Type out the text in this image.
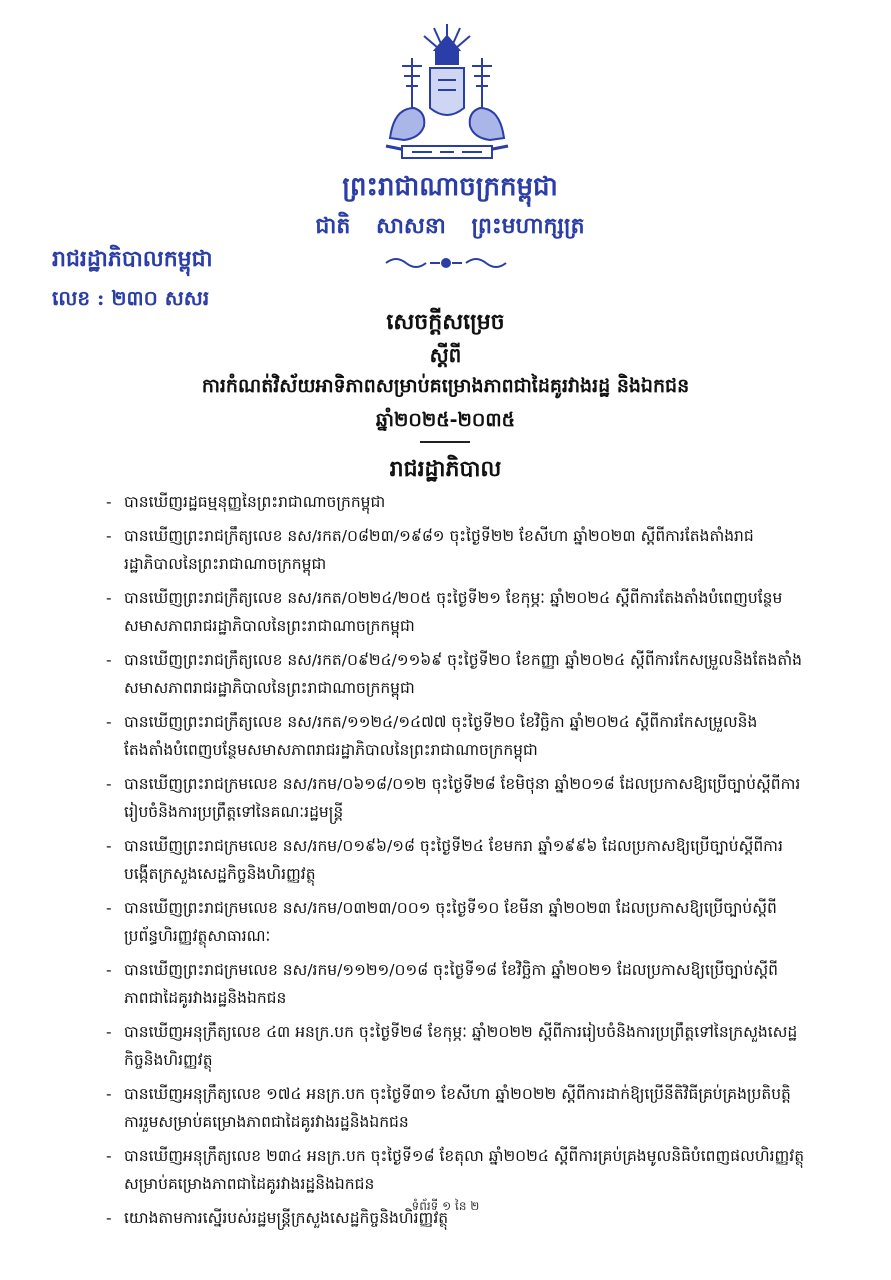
ព្រះរាជាណាចក្រកម្ពុជា
ជាតិ សាសនា ព្រះមហាក្សត្រ
រាជរដ្ឋាភិបាលកម្ពុជា
លេខ : ២៣០ សសរ
សេចក្តីសម្រេច
ស្តីពី
ការកំណត់វិស័យអាទិភាពសម្រាប់គម្រោងភាពជាដៃគូរវាងរដ្ឋ និងឯកជន
ឆ្នាំ២០២៥-២០៣៥
រាជរដ្ឋាភិបាល
- បានឃើញរដ្ឋធម្មនុញ្ញនៃព្រះរាជាណាចក្រកម្ពុជា
- បានឃើញព្រះរាជក្រឹត្យលេខ នស/រកត/០៨២៣/១៩៨១ ចុះថ្ងៃទី២២ ខែសីហា ឆ្នាំ២០២៣ ស្តីពីការតែងតាំងរាជរដ្ឋាភិបាលនៃព្រះរាជាណាចក្រកម្ពុជា
- បានឃើញព្រះរាជក្រឹត្យលេខ នស/រកត/០២២៤/២០៥ ចុះថ្ងៃទី២១ ខែកុម្ភៈ ឆ្នាំ២០២៤ ស្តីពីការតែងតាំងបំពេញបន្ថែមសមាសភាពរាជរដ្ឋាភិបាលនៃព្រះរាជាណាចក្រកម្ពុជា
- បានឃើញព្រះរាជក្រឹត្យលេខ នស/រកត/០៩២៤/១១៦៩ ចុះថ្ងៃទី២០ ខែកញ្ញា ឆ្នាំ២០២៤ ស្តីពីការកែសម្រួលនិងតែងតាំងសមាសភាពរាជរដ្ឋាភិបាលនៃព្រះរាជាណាចក្រកម្ពុជា
- បានឃើញព្រះរាជក្រឹត្យលេខ នស/រកត/១១២៤/១៤៧៧ ចុះថ្ងៃទី២០ ខែវិច្ឆិកា ឆ្នាំ២០២៤ ស្តីពីការកែសម្រួលនិងតែងតាំងបំពេញបន្ថែមសមាសភាពរាជរដ្ឋាភិបាលនៃព្រះរាជាណាចក្រកម្ពុជា
- បានឃើញព្រះរាជក្រមលេខ នស/រកម/០៦១៨/០១២ ចុះថ្ងៃទី២៨ ខែមិថុនា ឆ្នាំ២០១៨ ដែលប្រកាសឱ្យប្រើច្បាប់ស្តីពីការរៀបចំនិងការប្រព្រឹត្តទៅនៃគណៈរដ្ឋមន្ត្រី
- បានឃើញព្រះរាជក្រមលេខ នស/រកម/០១៩៦/១៨ ចុះថ្ងៃទី២៤ ខែមករា ឆ្នាំ១៩៩៦ ដែលប្រកាសឱ្យប្រើច្បាប់ស្តីពីការបង្កើតក្រសួងសេដ្ឋកិច្ចនិងហិរញ្ញវត្ថុ
- បានឃើញព្រះរាជក្រមលេខ នស/រកម/០៣២៣/០០១ ចុះថ្ងៃទី១០ ខែមីនា ឆ្នាំ២០២៣ ដែលប្រកាសឱ្យប្រើច្បាប់ស្តីពីប្រព័ន្ធហិរញ្ញវត្ថុសាធារណៈ
- បានឃើញព្រះរាជក្រមលេខ នស/រកម/១១២១/០១៨ ចុះថ្ងៃទី១៨ ខែវិច្ឆិកា ឆ្នាំ២០២១ ដែលប្រកាសឱ្យប្រើច្បាប់ស្តីពីភាពជាដៃគូរវាងរដ្ឋនិងឯកជន
- បានឃើញអនុក្រឹត្យលេខ ៤៣ អនក្រ.បក ចុះថ្ងៃទី២៨ ខែកុម្ភៈ ឆ្នាំ២០២២ ស្តីពីការរៀបចំនិងការប្រព្រឹត្តទៅនៃក្រសួងសេដ្ឋកិច្ចនិងហិរញ្ញវត្ថុ
- បានឃើញអនុក្រឹត្យលេខ ១៧៤ អនក្រ.បក ចុះថ្ងៃទី៣១ ខែសីហា ឆ្នាំ២០២២ ស្តីពីការដាក់ឱ្យប្រើនីតិវិធីគ្រប់គ្រងប្រតិបត្តិការរួមសម្រាប់គម្រោងភាពជាដៃគូរវាងរដ្ឋនិងឯកជន
- បានឃើញអនុក្រឹត្យលេខ ២៣៤ អនក្រ.បក ចុះថ្ងៃទី១៨ ខែតុលា ឆ្នាំ២០២៤ ស្តីពីការគ្រប់គ្រងមូលនិធិបំពេញផលហិរញ្ញវត្ថុសម្រាប់គម្រោងភាពជាដៃគូរវាងរដ្ឋនិងឯកជន
- យោងតាមការស្នើរបស់រដ្ឋមន្ត្រីក្រសួងសេដ្ឋកិច្ចនិងហិរញ្ញវត្ថុ
ទំព័រទី ១ នៃ ២
